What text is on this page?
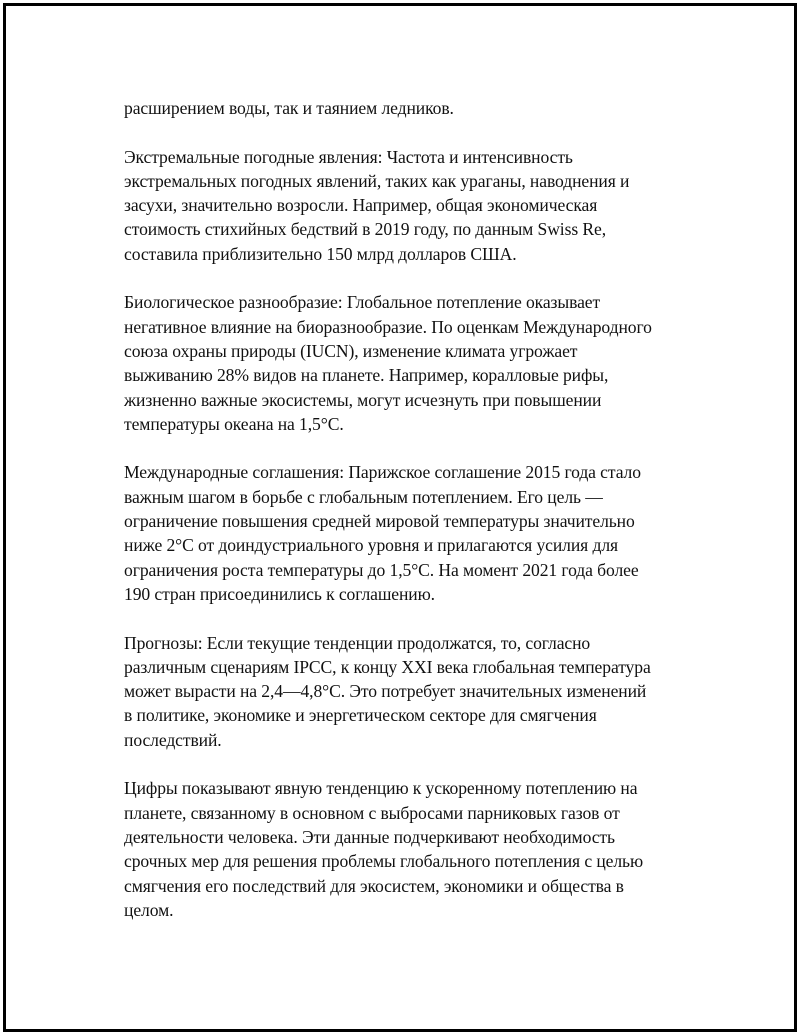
расширением воды, так и таянием ледников.

Экстремальные погодные явления: Частота и интенсивность
экстремальных погодных явлений, таких как ураганы, наводнения и
засухи, значительно возросли. Например, общая экономическая
стоимость стихийных бедствий в 2019 году, по данным Swiss Re,
составила приблизительно 150 млрд долларов США.

Биологическое разнообразие: Глобальное потепление оказывает
негативное влияние на биоразнообразие. По оценкам Международного
союза охраны природы (IUCN), изменение климата угрожает
выживанию 28% видов на планете. Например, коралловые рифы,
жизненно важные экосистемы, могут исчезнуть при повышении
температуры океана на 1,5°C.

Международные соглашения: Парижское соглашение 2015 года стало
важным шагом в борьбе с глобальным потеплением. Его цель —
ограничение повышения средней мировой температуры значительно
ниже 2°C от доиндустриального уровня и прилагаются усилия для
ограничения роста температуры до 1,5°C. На момент 2021 года более
190 стран присоединились к соглашению.

Прогнозы: Если текущие тенденции продолжатся, то, согласно
различным сценариям IPCC, к концу XXI века глобальная температура
может вырасти на 2,4—4,8°C. Это потребует значительных изменений
в политике, экономике и энергетическом секторе для смягчения
последствий.

Цифры показывают явную тенденцию к ускоренному потеплению на
планете, связанному в основном с выбросами парниковых газов от
деятельности человека. Эти данные подчеркивают необходимость
срочных мер для решения проблемы глобального потепления с целью
смягчения его последствий для экосистем, экономики и общества в
целом.
